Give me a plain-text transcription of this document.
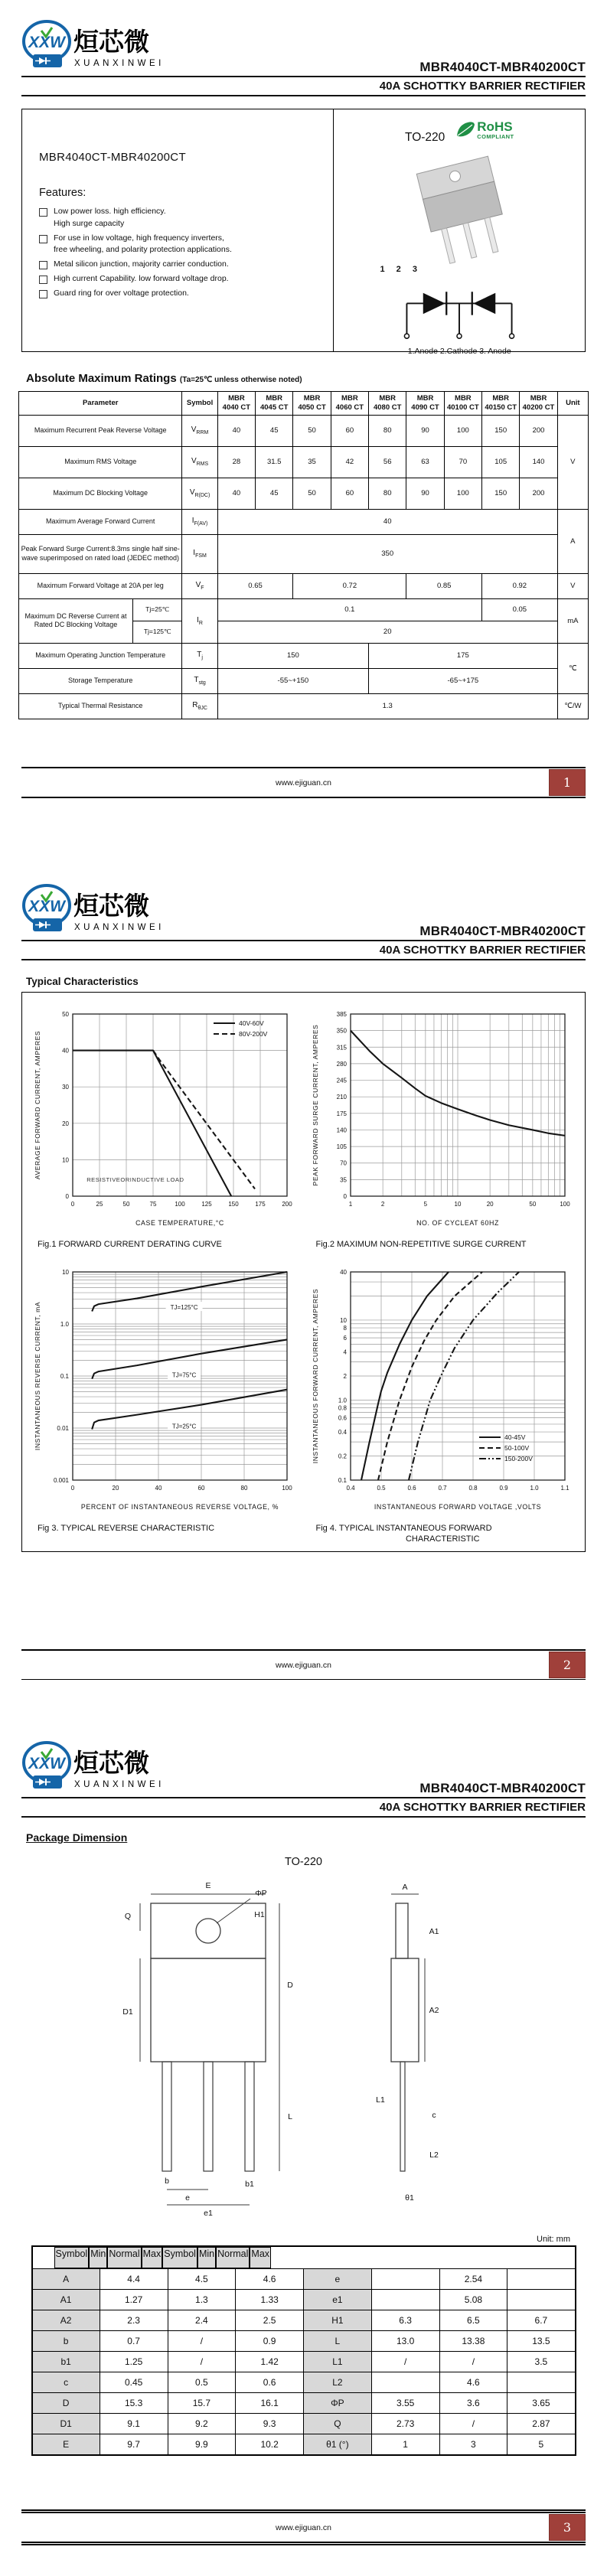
XXW 烜芯微
XUANXINWEI	MBR4040CT-MBR40200CT
40A SCHOTTKY BARRIER RECTIFIER
MBR4040CT-MBR40200CT
Features:
Low power loss. high efficiency.
High surge capacity
For use in low voltage, high frequency inverters,
free wheeling, and polarity protection applications.
Metal silicon junction, majority carrier conduction.
High current Capability. low forward voltage drop.
Guard ring for over voltage protection.
TO-220
RoHS
COMPLIANT
1 2 3
1.Anode 2.Cathode 3. Anode
Absolute Maximum Ratings (Ta=25℃ unless otherwise noted)
Parameter		Symbol	MBR 4040 CT	MBR 4045 CT	MBR 4050 CT	MBR 4060 CT	MBR 4080 CT	MBR 4090 CT	MBR 40100 CT	MBR 40150 CT	MBR 40200 CT	Unit
Maximum Recurrent Peak Reverse Voltage		$V_{RRM}$	40	45	50	60	80	90	100	150	200	V
Maximum RMS Voltage		$V_{RMS}$	28	31.5	35	42	56	63	70	105	140	
Maximum DC Blocking Voltage		$V_{R(DC)}$	40	45	50	60	80	90	100	150	200	
Maximum Average Forward Current		$I_{F(AV)}$	40									A
Peak Forward Surge Current:8.3ms single half sine-wave superimposed on rated load (JEDEC method)		$I_{FSM}$	350									
Maximum Forward Voltage at 20A per leg		$V_F$	0.65		0.72			0.85		0.92		V
Maximum DC Reverse Current at Rated DC Blocking Voltage	Tj=25℃	$I_R$	0.1							0.05		mA
	Tj=125℃		20									
Maximum Operating Junction Temperature		$T_j$	150				175					℃
Storage Temperature		$T_{stg}$	-55~+150				-65~+175					
Typical Thermal Resistance		$R_{\theta JC}$	1.3									℃/W
www.ejiguan.cn	1
XXW 烜芯微
XUANXINWEI	MBR4040CT-MBR40200CT
40A SCHOTTKY BARRIER RECTIFIER
Typical Characteristics
0	25	50	75	100	125	150	175	200
0
10
20
30
40
50
RESISTIVEORINDUCTIVE LOAD
40V-60V
80V-200V
AVERAGE FORWARD CURRENT, AMPERES
CASE TEMPERATURE,°C
Fig.1 FORWARD CURRENT DERATING CURVE
1	2	5	10	20	50	100
0
35
70
105
140
175
210
245
280
315
350
385
PEAK FORWARD SURGE CURRENT, AMPERES
NO. OF CYCLEAT 60HZ
Fig.2 MAXIMUM NON-REPETITIVE SURGE CURRENT
0	20	40	60	80	100
0.001
0.01
0.1
1.0
10
TJ=125°C
TJ=75°C
TJ=25°C
INSTANTANEOUS REVERSE CURRENT, mA
PERCENT OF INSTANTANEOUS REVERSE VOLTAGE, %
Fig 3. TYPICAL REVERSE CHARACTERISTIC
0.4	0.5	0.6	0.7	0.8	0.9	1.0	1.1
0.1
0.2
0.4
0.6
0.8
1.0
2
4
6
8
10
40
40-45V
50-100V
150-200V
INSTANTANEOUS FORWARD CURRENT, AMPERES
INSTANTANEOUS FORWARD VOLTAGE ,VOLTS
Fig 4. TYPICAL INSTANTANEOUS FORWARD
CHARACTERISTIC
www.ejiguan.cn	2
XXW 烜芯微
XUANXINWEI	MBR4040CT-MBR40200CT
40A SCHOTTKY BARRIER RECTIFIER
Package Dimension
TO-220
A
A1
A2
b	b1
c
D
D1
E
e
e1
H1
L
L1
L2
ΦP
Q
θ1
Unit: mm
Symbol Min Normal Max Symbol Min Normal Max
A	4.4	4.5	4.6	e		2.54	
A1	1.27	1.3	1.33	e1		5.08	
A2	2.3	2.4	2.5	H1	6.3	6.5	6.7
b	0.7	/	0.9	L	13.0	13.38	13.5
b1	1.25	/	1.42	L1	/	/	3.5
c	0.45	0.5	0.6	L2		4.6	
D	15.3	15.7	16.1	ΦP	3.55	3.6	3.65
D1	9.1	9.2	9.3	Q	2.73	/	2.87
E	9.7	9.9	10.2	θ1 (°)	1	3	5
www.ejiguan.cn	3
